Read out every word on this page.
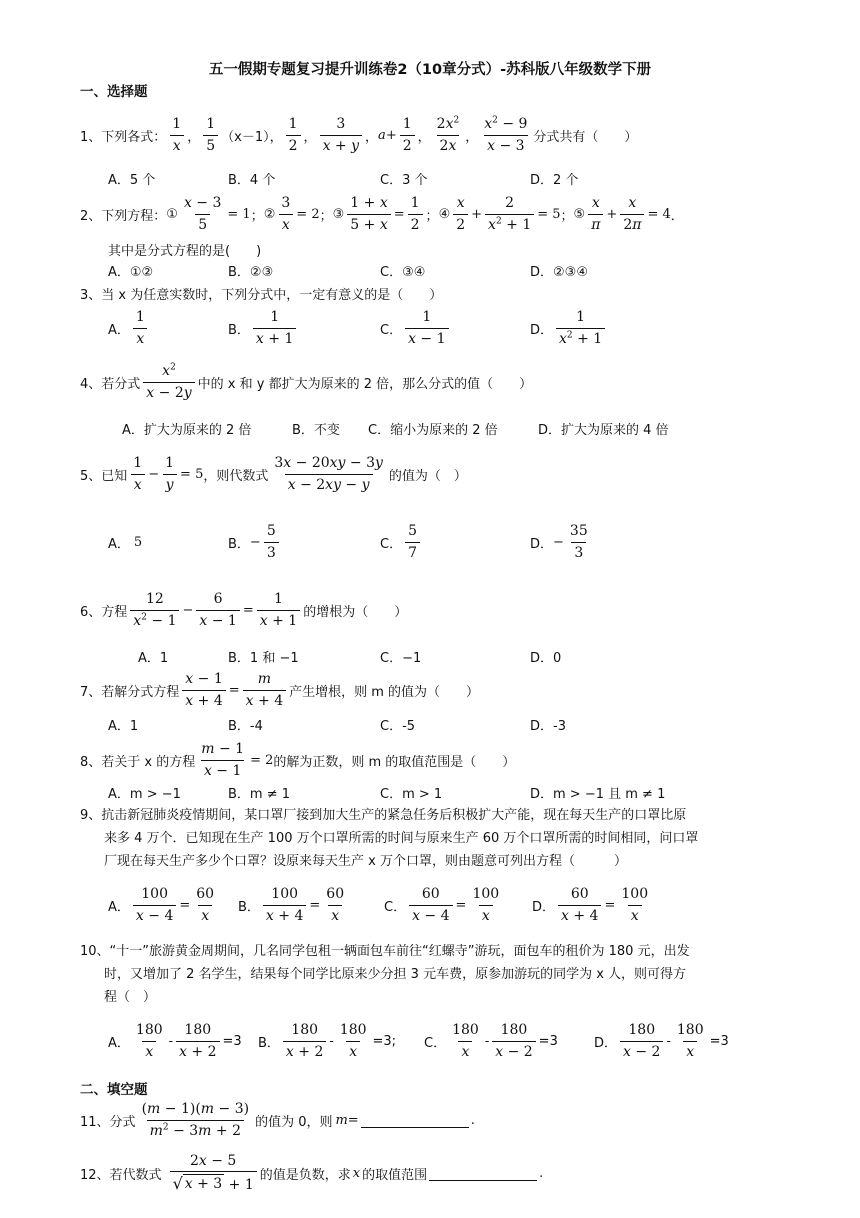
五一假期专题复习提升训练卷2（10章分式）-苏科版八年级数学下册
一、选择题
1、 下列各式：
1
x
，
1
5
（x－1），
1
2
，
3
x + y
， $a + \frac{1}{2}$ ，
$2x^2$
2x
，
$x^2 - 9$
x − 3
分式共有（　　）
A．5 个	B．4 个	C．3 个	D．2 个
2、 下列方程： ① $\frac{x - 3}{5} = 1$ ； ② $\frac{3}{x} = 2$ ； ③ $\frac{1 + x}{5 + x} = \frac{1}{2}$ ； ④
x
2
+ $\frac{2}{x^2 + 1} = 5$ ； ⑤
x
π
+ $\frac{x}{2\pi} = 4$ ．
其中是分式方程的是(　　)
A．①②	B．②③	C．③④	D．②③④
3、 当 x 为任意实数时，下列分式中，一定有意义的是（　　）
A．
1
x
B．
1
x + 1
C．
1
x − 1
D．
1
$x^2 + 1$
4、 若分式
$x^2$
x − 2y
中的 x 和 y 都扩大为原来的 2 倍，那么分式的值（　　）
A．扩大为原来的 2 倍	B．不变 C．缩小为原来的 2 倍	D．扩大为原来的 4 倍
5、 已知
1
x
− $\frac{1}{y} = 5$ ，则代数式
3x − 20xy − 3y
x − 2xy − y
的值为（　）
A． 5	B． − $\frac{5}{3}$	C．
5
7
D． − $\frac{35}{3}$
6、 方程
12
$x^2 - 1$
− $\frac{6}{x - 1} = \frac{1}{x + 1}$ 的增根为（　　）
A．1	B．1 和 −1	C．−1	D．0
7、 若解分式方程 $\frac{x - 1}{x + 4} = \frac{m}{x + 4}$ 产生增根，则 m 的值为（　　）
A．1	B．-4	C．-5	D．-3
8、 若关于 x 的方程 $\frac{m - 1}{x - 1} = 2$ 的解为正数，则 m 的取值范围是（　　）
A．m > −1	B．m ≠ 1	C．m > 1	D．m > −1 且 m ≠ 1
9、抗击新冠肺炎疫情期间，某口罩厂接到加大生产的紧急任务后积极扩大产能，现在每天生产的口罩比原
来多 4 万个．已知现在生产 100 万个口罩所需的时间与原来生产 60 万个口罩所需的时间相同，问口罩
厂现在每天生产多少个口罩？设原来每天生产 x 万个口罩，则由题意可列出方程（　　　）
A． $\frac{100}{x - 4} = \frac{60}{x}$ B． $\frac{100}{x + 4} = \frac{60}{x}$	C． $\frac{60}{x - 4} = \frac{100}{x}$ D． $\frac{60}{x + 4} = \frac{100}{x}$
10、“十一”旅游黄金周期间，几名同学包租一辆面包车前往“红螺寺”游玩，面包车的租价为 180 元，出发
时，又增加了 2 名学生，结果每个同学比原来少分担 3 元车费，原参加游玩的同学为 x 人，则可得方
程（　）
A．
180
x
- $\frac{180}{x + 2} =3$ B．
180
x + 2
- $\frac{180}{x} =3$; C．
180
x
- $\frac{180}{x - 2} =3$	D．
180
x − 2
- $\frac{180}{x} =3$
二、填空题
11、 分式
(m − 1)(m − 3)
$m^2 - 3m + 2$
的值为 0，则 m =	.
12、 若代数式
2x − 5
√ x + 3 + 1
的值是负数，求 x 的取值范围	.
